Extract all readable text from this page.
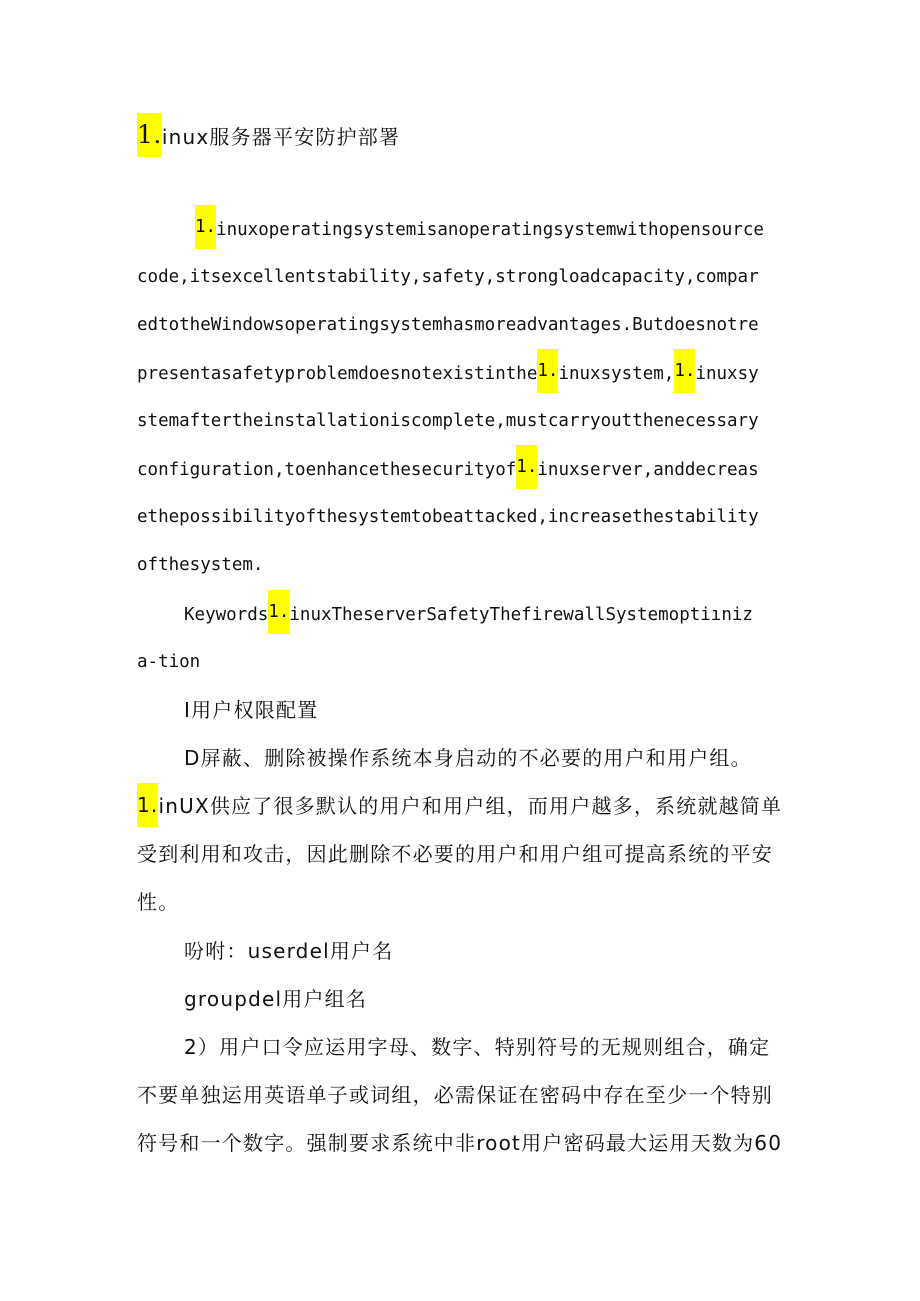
1.inux服务器平安防护部署
1.inuxoperatingsystemisanoperatingsystemwithopensource
code,itsexcellentstability,safety,strongloadcapacity,compar
edtotheWindowsoperatingsystemhasmoreadvantages.Butdoesnotre
presentasafetyproblemdoesnotexistinthe1.inuxsystem,1.inuxsy
stemaftertheinstallationiscomplete,mustcarryoutthenecessary
configuration,toenhancethesecurityof1.inuxserver,anddecreas
ethepossibilityofthesystemtobeattacked,increasethestability
ofthesystem.
Keywords1.inuxTheserverSafetyThefirewallSystemoptiıniz
a-tion
I用户权限配置
D屏蔽、删除被操作系统本身启动的不必要的用户和用户组。
1.inUX供应了很多默认的用户和用户组，而用户越多，系统就越简单
受到利用和攻击，因此删除不必要的用户和用户组可提高系统的平安
性。
吩咐：userdel用户名
groupdel用户组名
2）用户口令应运用字母、数字、特别符号的无规则组合，确定
不要单独运用英语单子或词组，必需保证在密码中存在至少一个特别
符号和一个数字。强制要求系统中非root用户密码最大运用天数为60
